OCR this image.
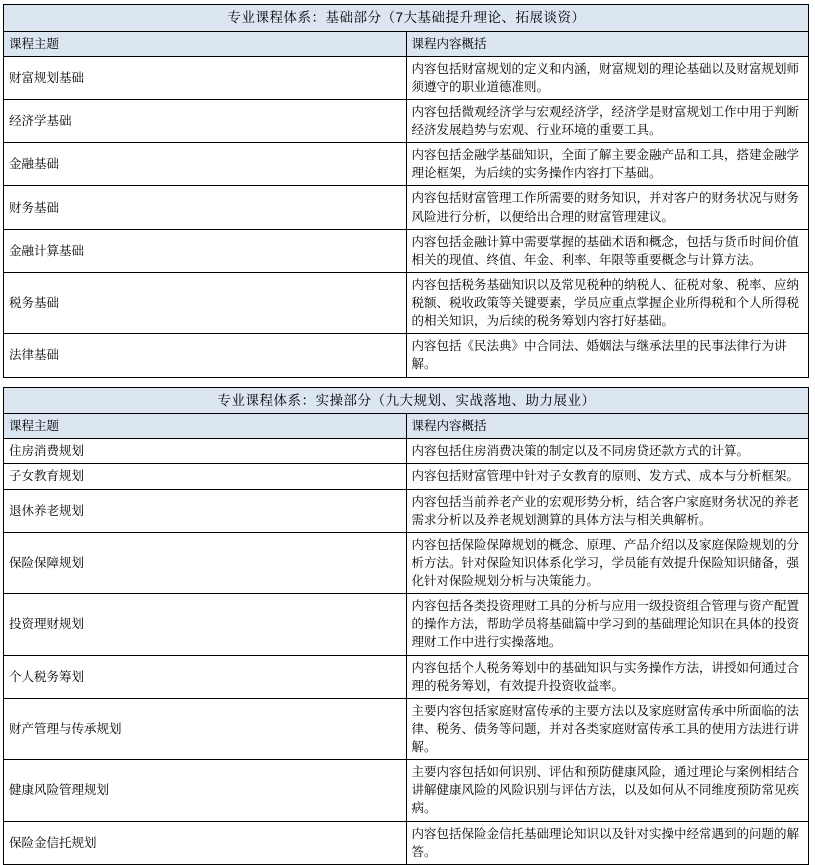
专业课程体系：基础部分（7大基础提升理论、拓展谈资）	
课程主题	课程内容概括
财富规划基础	内容包括财富规划的定义和内涵，财富规划的理论基础以及财富规划师须遵守的职业道德准则。
经济学基础	内容包括微观经济学与宏观经济学，经济学是财富规划工作中用于判断经济发展趋势与宏观、行业环境的重要工具。
金融基础	内容包括金融学基础知识，全面了解主要金融产品和工具，搭建金融学理论框架，为后续的实务操作内容打下基础。
财务基础	内容包括财富管理工作所需要的财务知识，并对客户的财务状况与财务风险进行分析，以便给出合理的财富管理建议。
金融计算基础	内容包括金融计算中需要掌握的基础术语和概念，包括与货币时间价值相关的现值、终值、年金、利率、年限等重要概念与计算方法。
税务基础	内容包括税务基础知识以及常见税种的纳税人、征税对象、税率、应纳税额、税收政策等关键要素，学员应重点掌握企业所得税和个人所得税的相关知识，为后续的税务筹划内容打好基础。
法律基础	内容包括《民法典》中合同法、婚姻法与继承法里的民事法律行为讲解。
专业课程体系：实操部分（九大规划、实战落地、助力展业）	
课程主题	课程内容概括
住房消费规划	内容包括住房消费决策的制定以及不同房贷还款方式的计算。
子女教育规划	内容包括财富管理中针对子女教育的原则、发方式、成本与分析框架。
退休养老规划	内容包括当前养老产业的宏观形势分析，结合客户家庭财务状况的养老需求分析以及养老规划测算的具体方法与相关典解析。
保险保障规划	内容包括保险保障规划的概念、原理、产品介绍以及家庭保险规划的分析方法。针对保险知识体系化学习，学员能有效提升保险知识储备，强化针对保险规划分析与决策能力。
投资理财规划	内容包括各类投资理财工具的分析与应用一级投资组合管理与资产配置的操作方法，帮助学员将基础篇中学习到的基础理论知识在具体的投资理财工作中进行实操落地。
个人税务筹划	内容包括个人税务筹划中的基础知识与实务操作方法，讲授如何通过合理的税务筹划，有效提升投资收益率。
财产管理与传承规划	主要内容包括家庭财富传承的主要方法以及家庭财富传承中所面临的法律、税务、债务等问题，并对各类家庭财富传承工具的使用方法进行讲解。
健康风险管理规划	主要内容包括如何识别、评估和预防健康风险，通过理论与案例相结合讲解健康风险的风险识别与评估方法，以及如何从不同维度预防常见疾病。
保险金信托规划	内容包括保险金信托基础理论知识以及针对实操中经常遇到的问题的解答。
